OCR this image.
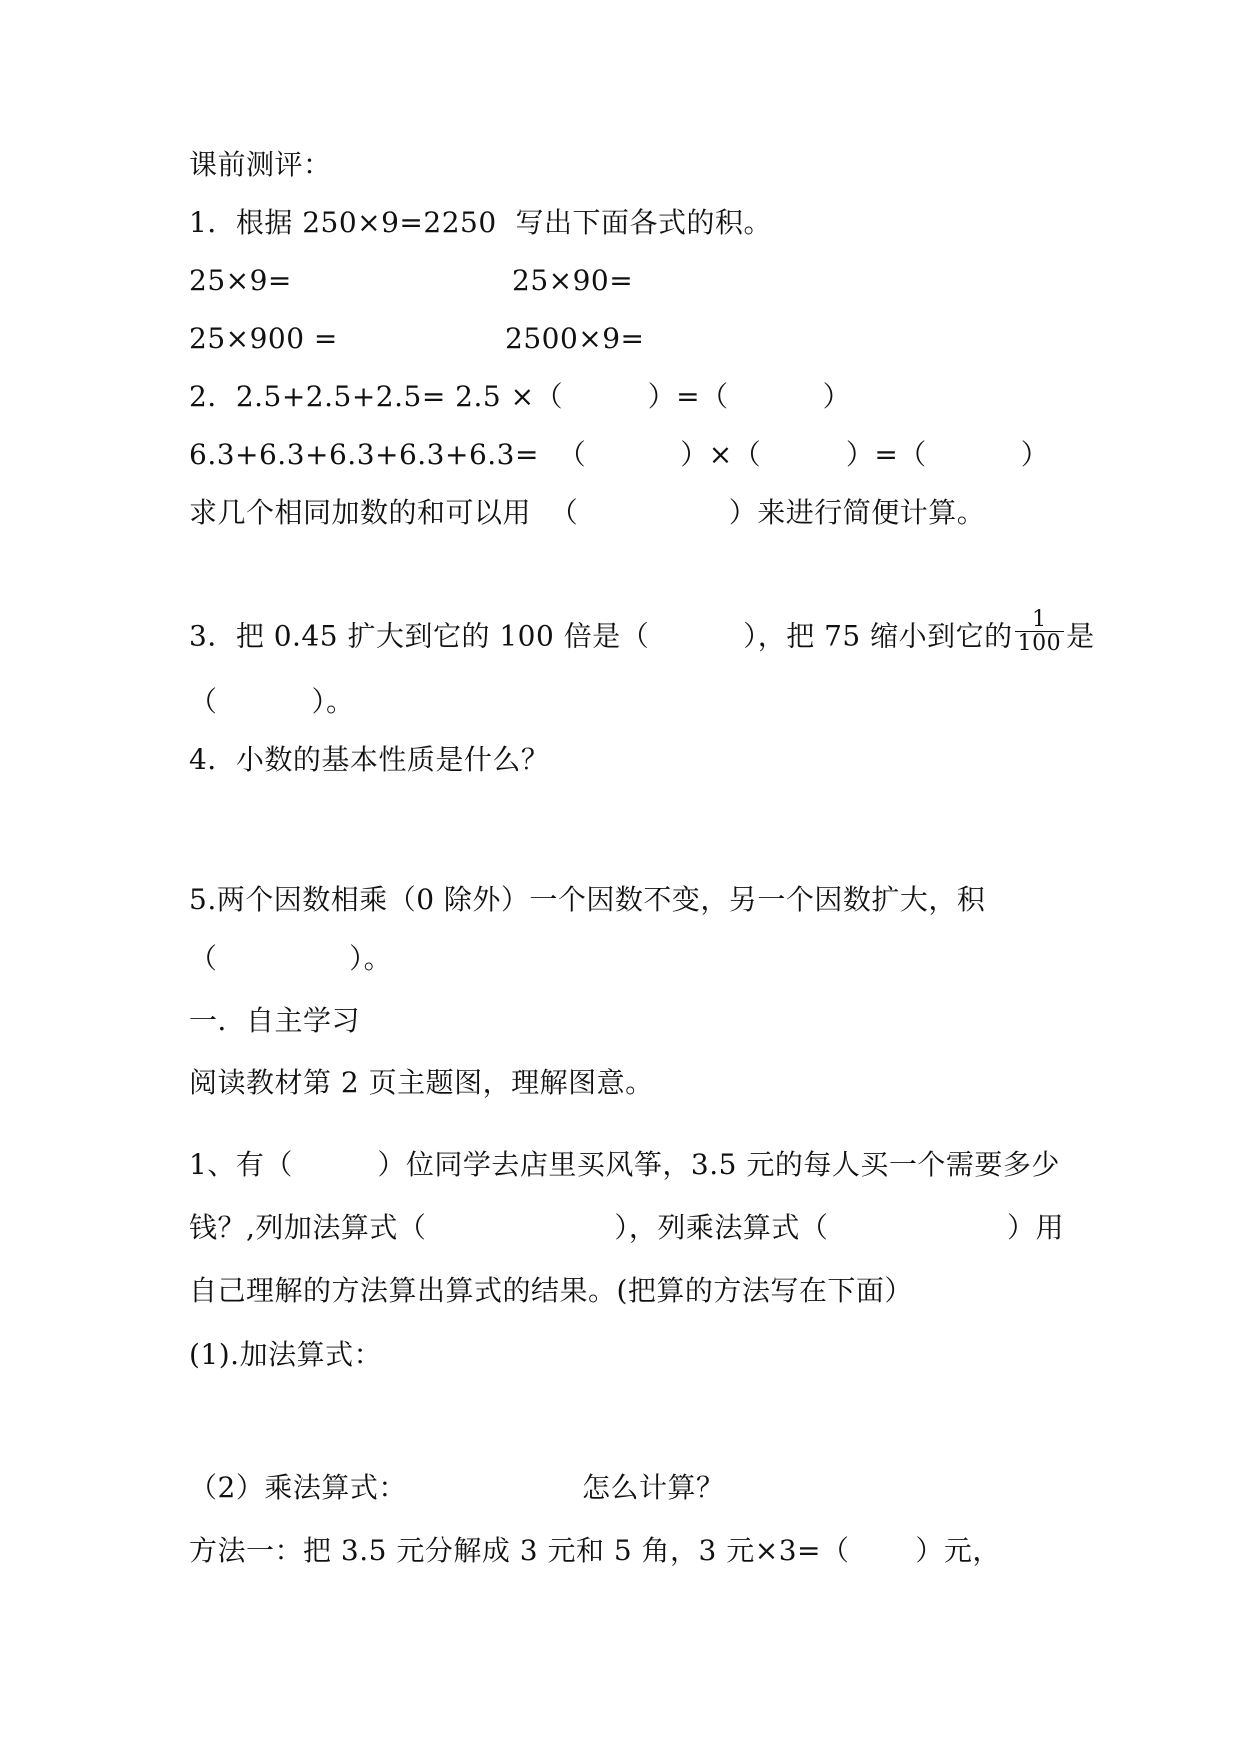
课前测评：
1．根据 250×9=2250  写出下面各式的积。
25×9=	25×90=
25×900 =	2500×9=
2．2.5+2.5+2.5= 2.5 ×（         ）=（          ）
6.3+6.3+6.3+6.3+6.3=  （          ）×（         ）=（          ）
求几个相同加数的和可以用  （                ）来进行简便计算。
3．把 0.45 扩大到它的 100 倍是（          ），把 75 缩小到它的 $\frac{1}{100}$ 是
（          ）。
4．小数的基本性质是什么？
5.两个因数相乘（0 除外）一个因数不变，另一个因数扩大，积
（              ）。
一．自主学习
阅读教材第 2 页主题图，理解图意。
1、有（         ）位同学去店里买风筝，3.5 元的每人买一个需要多少
钱？,列加法算式（                    ），列乘法算式（                   ）用
自己理解的方法算出算式的结果。(把算的方法写在下面）
(1).加法算式：
（2）乘法算式：	怎么计算？
方法一：把 3.5 元分解成 3 元和 5 角，3 元×3=（       ）元，
